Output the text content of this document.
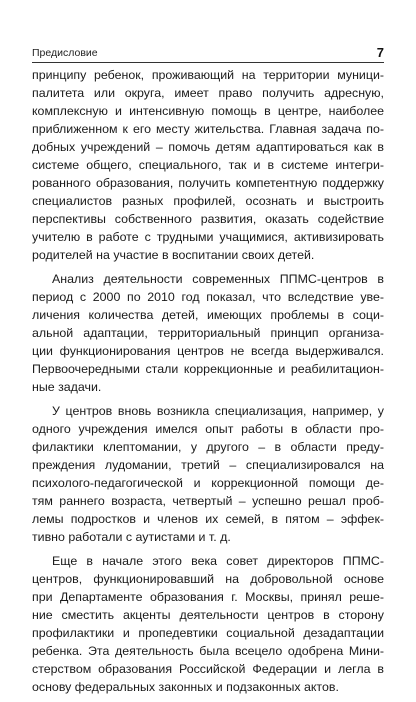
Предисловие	7

принципу ребенок, проживающий на территории муници-
палитета или округа, имеет право получить адресную,
комплексную и интенсивную помощь в центре, наиболее
приближенном к его месту жительства. Главная задача по-
добных учреждений – помочь детям адаптироваться как в
системе общего, специального, так и в системе интегри-
рованного образования, получить компетентную поддержку
специалистов разных профилей, осознать и выстроить
перспективы собственного развития, оказать содействие
учителю в работе с трудными учащимися, активизировать
родителей на участие в воспитании своих детей.

Анализ деятельности современных ППМС-центров в
период с 2000 по 2010 год показал, что вследствие уве-
личения количества детей, имеющих проблемы в соци-
альной адаптации, территориальный принцип организа-
ции функционирования центров не всегда выдерживался.
Первоочередными стали коррекционные и реабилитацион-
ные задачи.

У центров вновь возникла специализация, например, у
одного учреждения имелся опыт работы в области про-
филактики клептомании, у другого – в области преду-
преждения лудомании, третий – специализировался на
психолого-педагогической и коррекционной помощи де-
тям раннего возраста, четвертый – успешно решал проб-
лемы подростков и членов их семей, в пятом – эффек-
тивно работали с аутистами и т. д.

Еще в начале этого века совет директоров ППМС-
центров, функционировавший на добровольной основе
при Департаменте образования г. Москвы, принял реше-
ние сместить акценты деятельности центров в сторону
профилактики и пропедевтики социальной дезадаптации
ребенка. Эта деятельность была всецело одобрена Мини-
стерством образования Российской Федерации и легла в
основу федеральных законных и подзаконных актов.
